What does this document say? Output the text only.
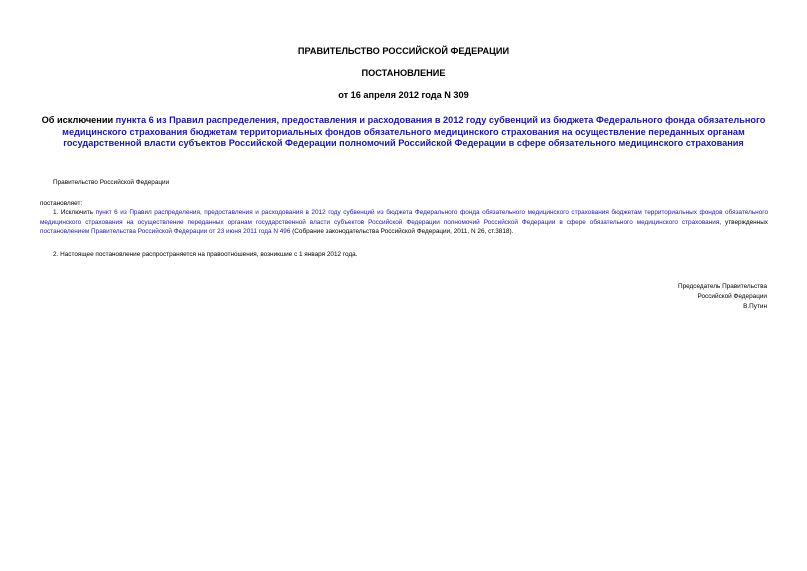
ПРАВИТЕЛЬСТВО РОССИЙСКОЙ ФЕДЕРАЦИИ
ПОСТАНОВЛЕНИЕ
от 16 апреля 2012 года N 309
Об исключении пункта 6 из Правил распределения, предоставления и расходования в 2012 году субвенций из бюджета Федерального фонда обязательного медицинского страхования бюджетам территориальных фондов обязательного медицинского страхования на осуществление переданных органам государственной власти субъектов Российской Федерации полномочий Российской Федерации в сфере обязательного медицинского страхования
Правительство Российской Федерации
постановляет:
1. Исключить пункт 6 из Правил распределения, предоставления и расходования в 2012 году субвенций из бюджета Федерального фонда обязательного медицинского страхования бюджетам территориальных фондов обязательного медицинского страхования на осуществление переданных органам государственной власти субъектов Российской Федерации полномочий Российской Федерации в сфере обязательного медицинского страхования, утвержденных постановлением Правительства Российской Федерации от 23 июня 2011 года N 496 (Собрание законодательства Российской Федерации, 2011, N 26, ст.3818).
2. Настоящее постановление распространяется на правоотношения, возникшие с 1 января 2012 года.
Председатель Правительства
Российской Федерации
В.Путин
